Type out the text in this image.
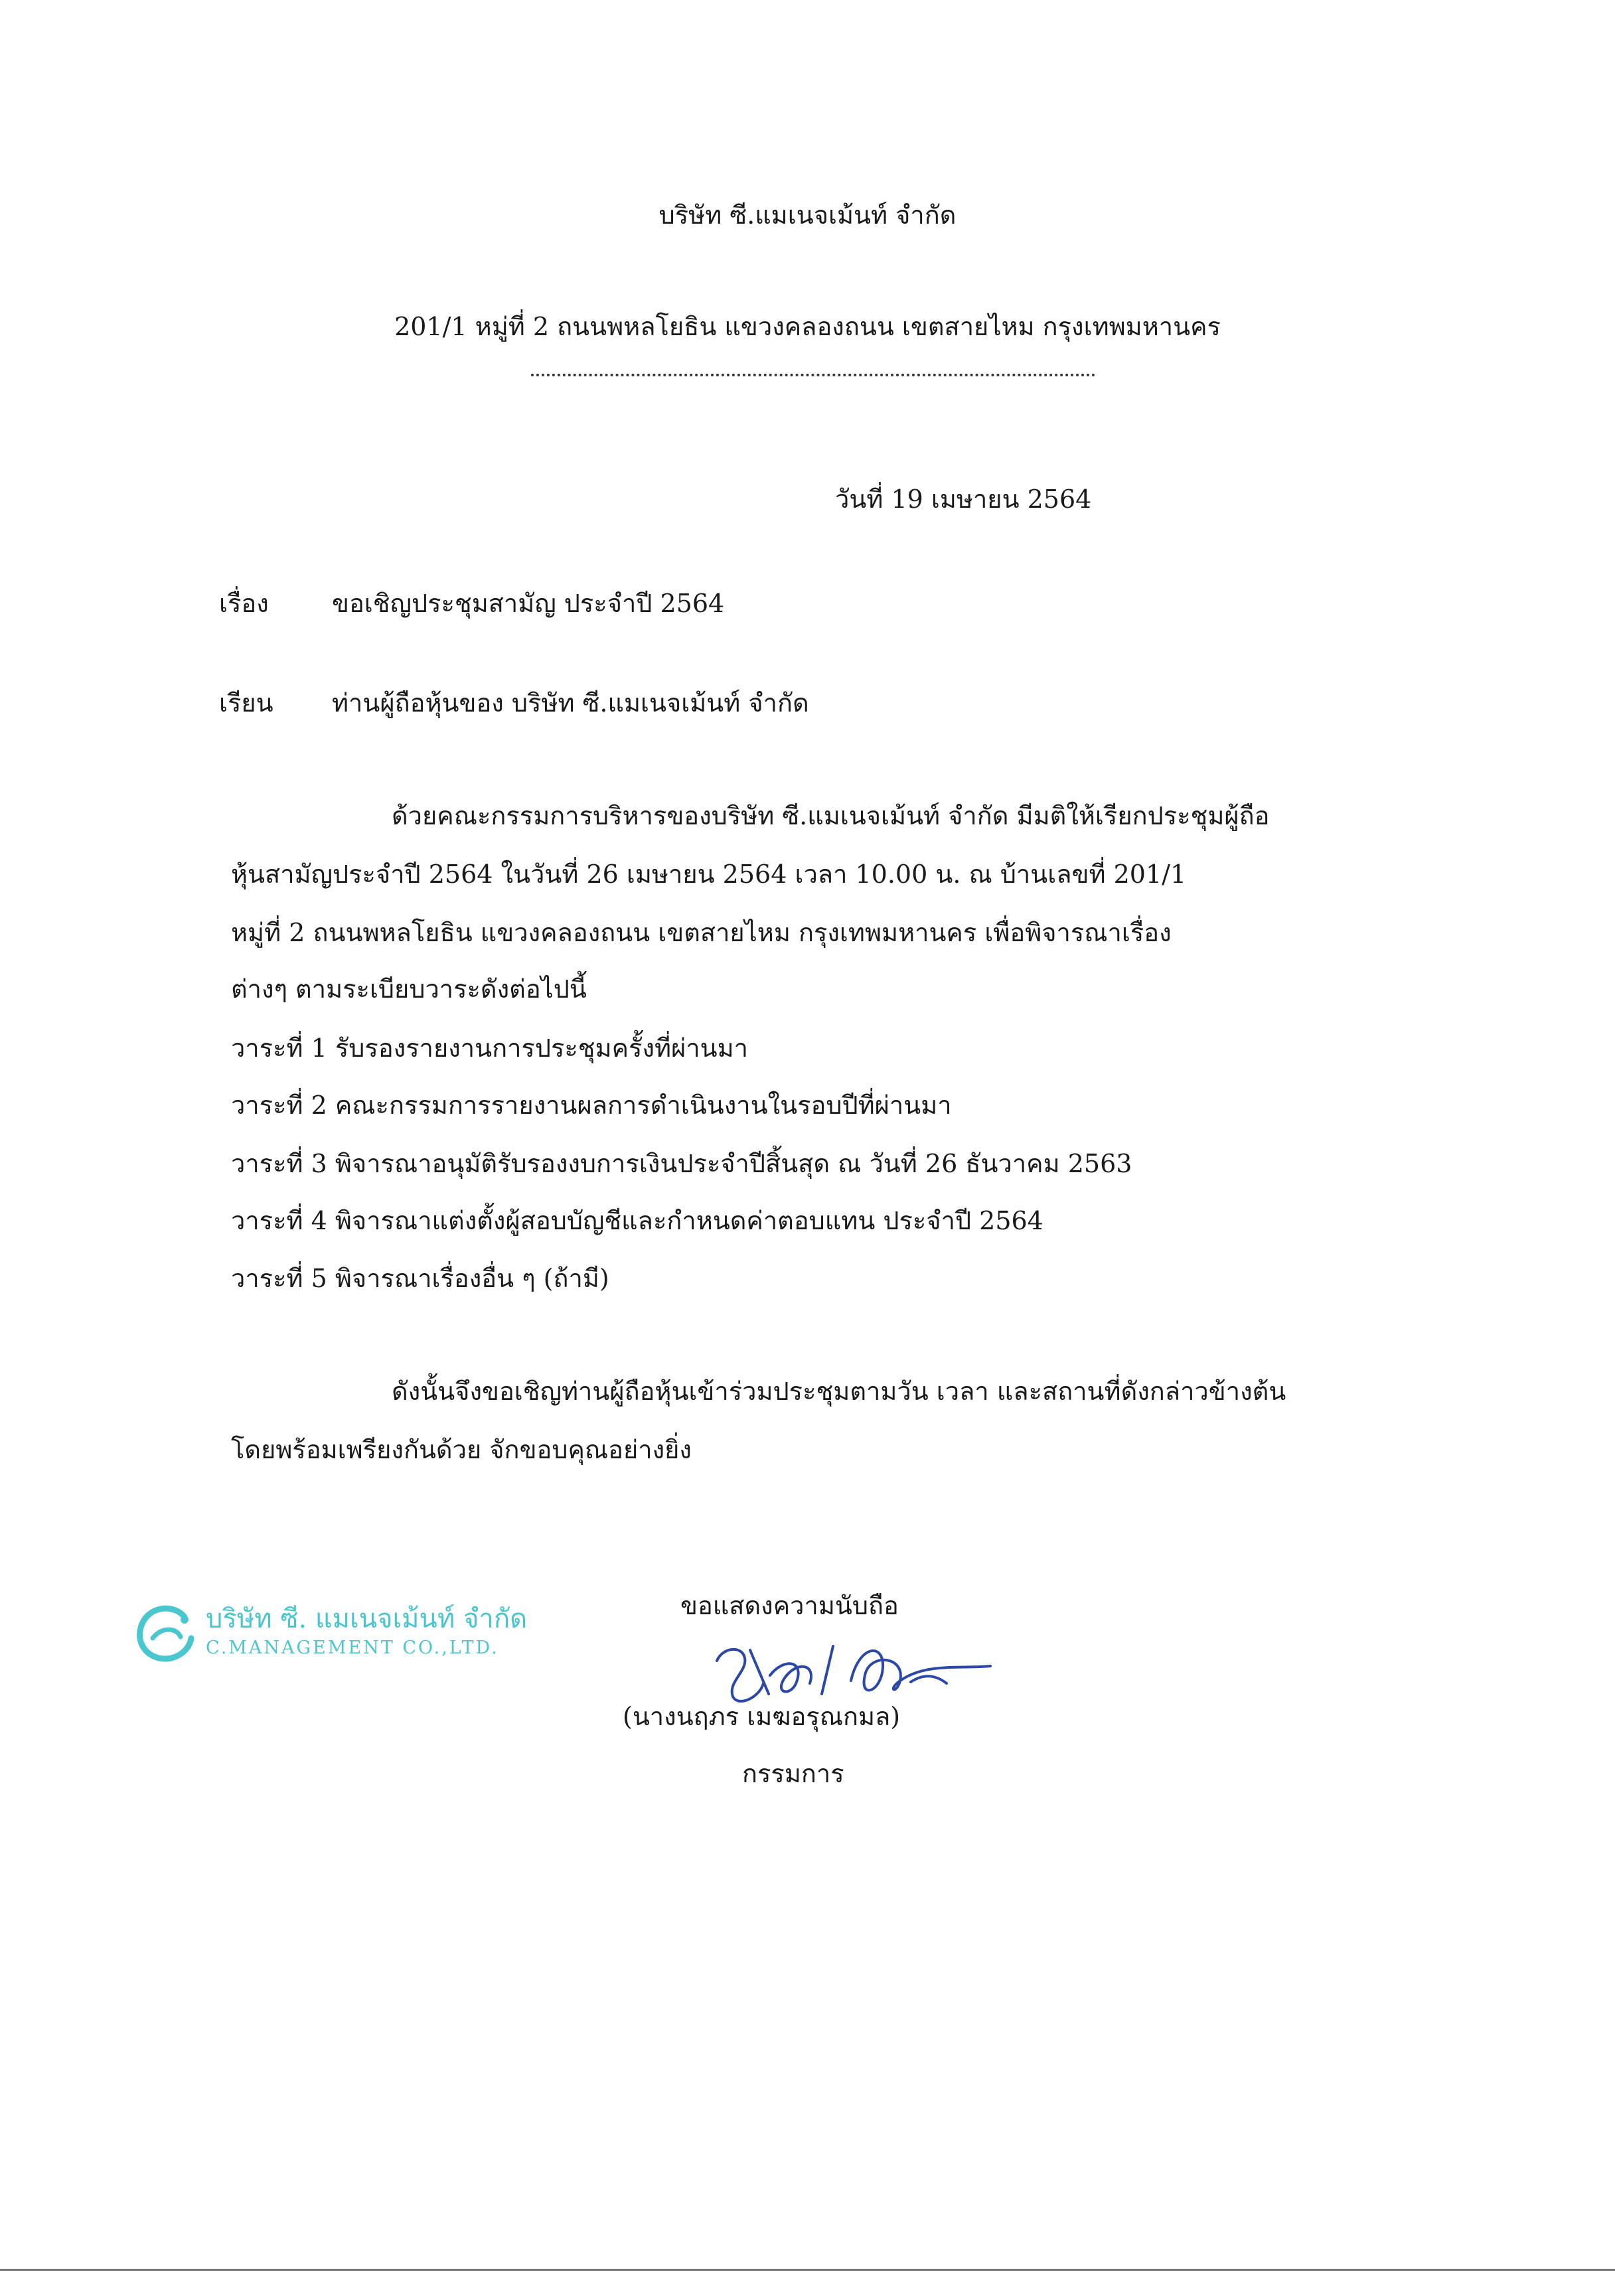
บริษัท ซี.แมเนจเม้นท์ จำกัด
201/1 หมู่ที่ 2 ถนนพหลโยธิน แขวงคลองถนน เขตสายไหม กรุงเทพมหานคร
วันที่ 19 เมษายน 2564
เรื่อง	ขอเชิญประชุมสามัญ ประจำปี 2564
เรียน ท่านผู้ถือหุ้นของ บริษัท ซี.แมเนจเม้นท์ จำกัด
ด้วยคณะกรรมการบริหารของบริษัท ซี.แมเนจเม้นท์ จำกัด มีมติให้เรียกประชุมผู้ถือ
หุ้นสามัญประจำปี 2564 ในวันที่ 26 เมษายน 2564 เวลา 10.00 น. ณ บ้านเลขที่ 201/1
หมู่ที่ 2 ถนนพหลโยธิน แขวงคลองถนน เขตสายไหม กรุงเทพมหานคร เพื่อพิจารณาเรื่อง
ต่างๆ ตามระเบียบวาระดังต่อไปนี้
วาระที่ 1 รับรองรายงานการประชุมครั้งที่ผ่านมา
วาระที่ 2 คณะกรรมการรายงานผลการดำเนินงานในรอบปีที่ผ่านมา
วาระที่ 3 พิจารณาอนุมัติรับรองงบการเงินประจำปีสิ้นสุด ณ วันที่ 26 ธันวาคม 2563
วาระที่ 4 พิจารณาแต่งตั้งผู้สอบบัญชีและกำหนดค่าตอบแทน ประจำปี 2564
วาระที่ 5 พิจารณาเรื่องอื่น ๆ (ถ้ามี)
ดังนั้นจึงขอเชิญท่านผู้ถือหุ้นเข้าร่วมประชุมตามวัน เวลา และสถานที่ดังกล่าวข้างต้น
โดยพร้อมเพรียงกันด้วย จักขอบคุณอย่างยิ่ง
ขอแสดงความนับถือ
(นางนฤภร เมฆอรุณกมล)
กรรมการ
บริษัท ซี. แมเนจเม้นท์ จำกัด
C.MANAGEMENT CO.,LTD.
